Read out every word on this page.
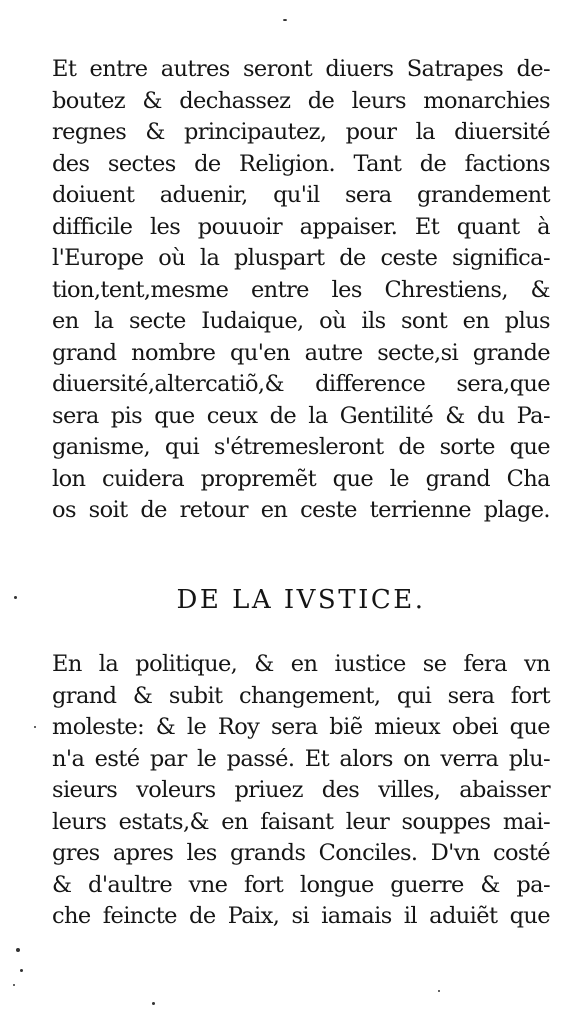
Et entre autres seront diuers Satrapes de-
boutez & dechassez de leurs monarchies
regnes & principautez, pour la diuersité
des sectes de Religion. Tant de factions
doiuent aduenir, qu'il sera grandement
difficile les pouuoir appaiser. Et quant à
l'Europe où la pluspart de ceste significa-
tion,tent,mesme entre les Chrestiens, &
en la secte Iudaique, où ils sont en plus
grand nombre qu'en autre secte,si grande
diuersité,altercatiõ,& difference sera,que
sera pis que ceux de la Gentilité & du Pa-
ganisme, qui s'étremesleront de sorte que
lon cuidera propremẽt que le grand Cha
os soit de retour en ceste terrienne plage.
DE LA IVSTICE.
En la politique, & en iustice se fera vn
grand & subit changement, qui sera fort
moleste: & le Roy sera biẽ mieux obei que
n'a esté par le passé. Et alors on verra plu-
sieurs voleurs priuez des villes, abaisser
leurs estats,& en faisant leur souppes mai-
gres apres les grands Conciles. D'vn costé
& d'aultre vne fort longue guerre & pa-
che feincte de Paix, si iamais il aduiẽt que
